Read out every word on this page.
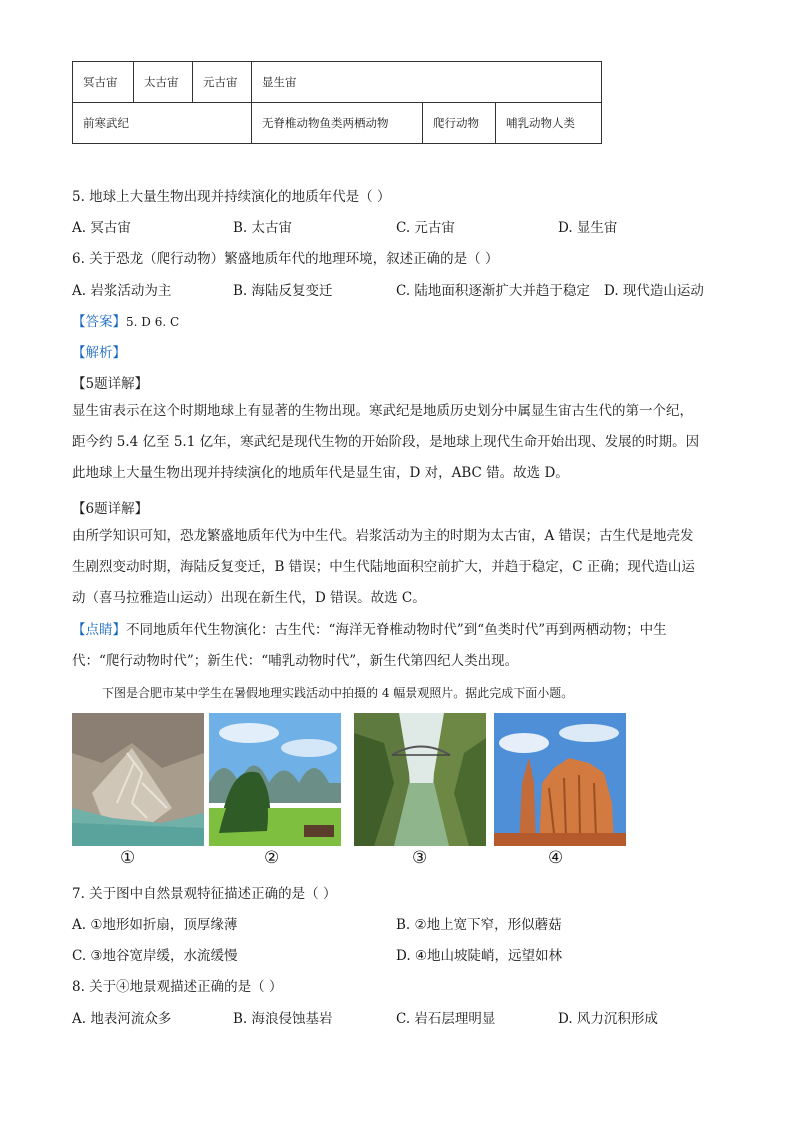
冥古宙	太古宙	元古宙	显生宙		
前寒武纪			无脊椎动物鱼类两栖动物	爬行动物	哺乳动物人类
5. 地球上大量生物出现并持续演化的地质年代是（ ）
A. 冥古宙	B. 太古宙	C. 元古宙	D. 显生宙
6. 关于恐龙（爬行动物）繁盛地质年代的地理环境，叙述正确的是（ ）
A. 岩浆活动为主	B. 海陆反复变迁	C. 陆地面积逐渐扩大并趋于稳定 D. 现代造山运动
【答案】5. D 6. C
【解析】
【5题详解】
显生宙表示在这个时期地球上有显著的生物出现。寒武纪是地质历史划分中属显生宙古生代的第一个纪，
距今约 5.4 亿至 5.1 亿年，寒武纪是现代生物的开始阶段，是地球上现代生命开始出现、发展的时期。因
此地球上大量生物出现并持续演化的地质年代是显生宙，D 对，ABC 错。故选 D。
【6题详解】
由所学知识可知，恐龙繁盛地质年代为中生代。岩浆活动为主的时期为太古宙，A 错误；古生代是地壳发
生剧烈变动时期，海陆反复变迁，B 错误；中生代陆地面积空前扩大，并趋于稳定，C 正确；现代造山运
动（喜马拉雅造山运动）出现在新生代，D 错误。故选 C。
【点睛】不同地质年代生物演化：古生代：“海洋无脊椎动物时代”到“鱼类时代”再到两栖动物；中生
代：“爬行动物时代”；新生代：“哺乳动物时代”，新生代第四纪人类出现。
下图是合肥市某中学生在暑假地理实践活动中拍摄的 4 幅景观照片。据此完成下面小题。
①	②	③	④
7. 关于图中自然景观特征描述正确的是（ ）
A. ①地形如折扇，顶厚缘薄	B. ②地上宽下窄，形似蘑菇
C. ③地谷宽岸缓，水流缓慢	D. ④地山坡陡峭，远望如林
8. 关于④地景观描述正确的是（ ）
A. 地表河流众多	B. 海浪侵蚀基岩	C. 岩石层理明显	D. 风力沉积形成
